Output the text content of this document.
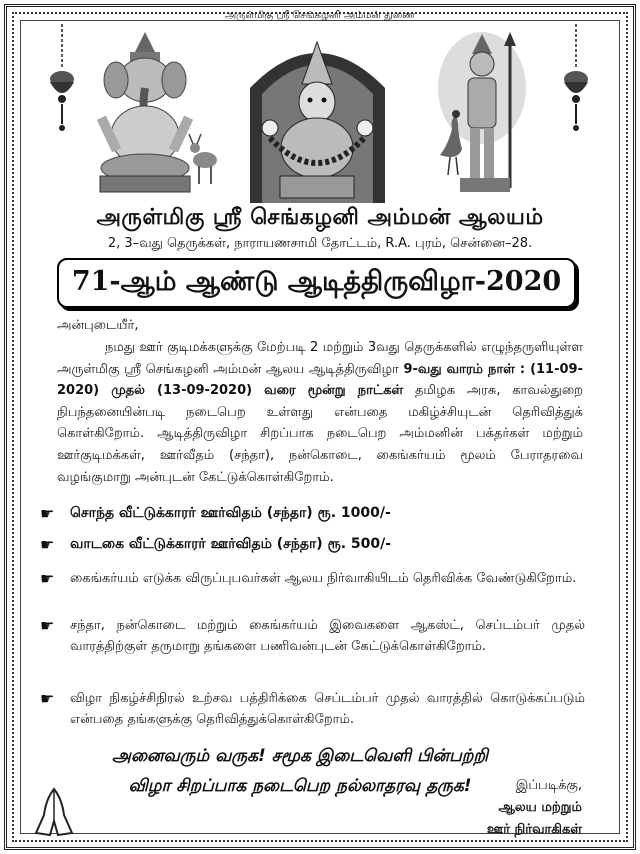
அருள்மிகு ஸ்ரீ செங்கழனி அம்மன் துணை
அருள்மிகு ஸ்ரீ செங்கழனி அம்மன் ஆலயம்
2, 3–வது தெருக்கள், நாராயணசாமி தோட்டம், R.A. புரம், சென்னை–28.
71-ஆம் ஆண்டு ஆடித்திருவிழா-2020
அன்புடையீர்,
நமது ஊர் குடிமக்களுக்கு மேற்படி 2 மற்றும் 3வது தெருக்களில் எழுந்தருளியுள்ள அருள்மிகு ஸ்ரீ செங்கழனி அம்மன் ஆலய ஆடித்திருவிழா 9-வது வாரம் நாள் : (11-09-2020) முதல் (13-09-2020) வரை மூன்று நாட்கள் தமிழக அரசு, காவல்துறை நிபந்தனையின்படி நடைபெற உள்ளது என்பதை மகிழ்ச்சியுடன் தெரிவித்துக் கொள்கிறோம். ஆடித்திருவிழா சிறப்பாக நடைபெற அம்மனின் பக்தர்கள் மற்றும் ஊர்குடிமக்கள், ஊர்வீதம் (சந்தா), நன்கொடை, கைங்கர்யம் மூலம் பேராதரவை வழங்குமாறு அன்புடன் கேட்டுக்கொள்கிறோம்.
☛	சொந்த வீட்டுக்காரர் ஊர்விதம் (சந்தா) ரூ. 1000/-
☛	வாடகை வீட்டுக்காரர் ஊர்விதம் (சந்தா) ரூ. 500/-
☛	கைங்கர்யம் எடுக்க விருப்புபவர்கள் ஆலய நிர்வாகியிடம் தெரிவிக்க வேண்டுகிறோம்.
☛	சந்தா, நன்கொடை மற்றும் கைங்கர்யம் இவைகளை ஆகஸ்ட், செப்டம்பர் முதல் வாரத்திற்குள் தருமாறு தங்களை பணிவன்புடன் கேட்டுக்கொள்கிறோம்.
☛	விழா நிகழ்ச்சிநிரல் உற்சவ பத்திரிக்கை செப்டம்பர் முதல் வாரத்தில் கொடுக்கப்படும் என்பதை தங்களுக்கு தெரிவித்துக்கொள்கிறோம்.
அனைவரும் வருக! சமூக இடைவெளி பின்பற்றி
விழா சிறப்பாக நடைபெற நல்லாதரவு தருக!	இப்படிக்கு,
ஆலய மற்றும்
ஊர் நிர்வாகிகள்
